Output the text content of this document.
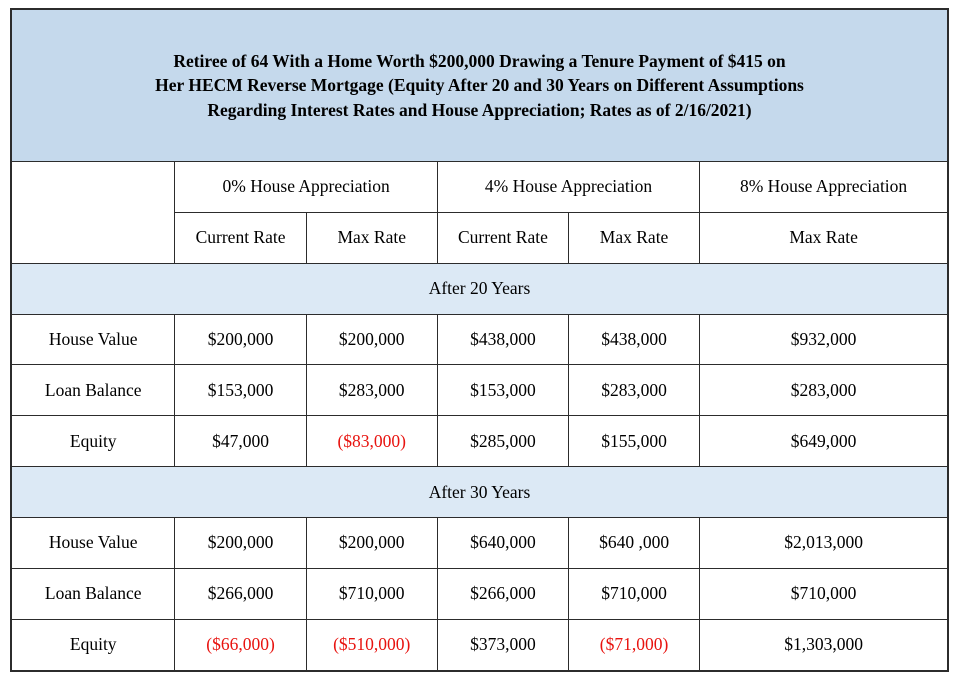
Retiree of 64 With a Home Worth $200,000 Drawing a Tenure Payment of $415 on
Her HECM Reverse Mortgage (Equity After 20 and 30 Years on Different Assumptions
Regarding Interest Rates and House Appreciation; Rates as of 2/16/2021)					
	0% House Appreciation		4% House Appreciation		8% House Appreciation
	Current Rate	Max Rate	Current Rate	Max Rate	Max Rate
After 20 Years					
House Value	$200,000	$200,000	$438,000	$438,000	$932,000
Loan Balance	$153,000	$283,000	$153,000	$283,000	$283,000
Equity	$47,000	($83,000)	$285,000	$155,000	$649,000
After 30 Years					
House Value	$200,000	$200,000	$640,000	$640 ,000	$2,013,000
Loan Balance	$266,000	$710,000	$266,000	$710,000	$710,000
Equity	($66,000)	($510,000)	$373,000	($71,000)	$1,303,000
